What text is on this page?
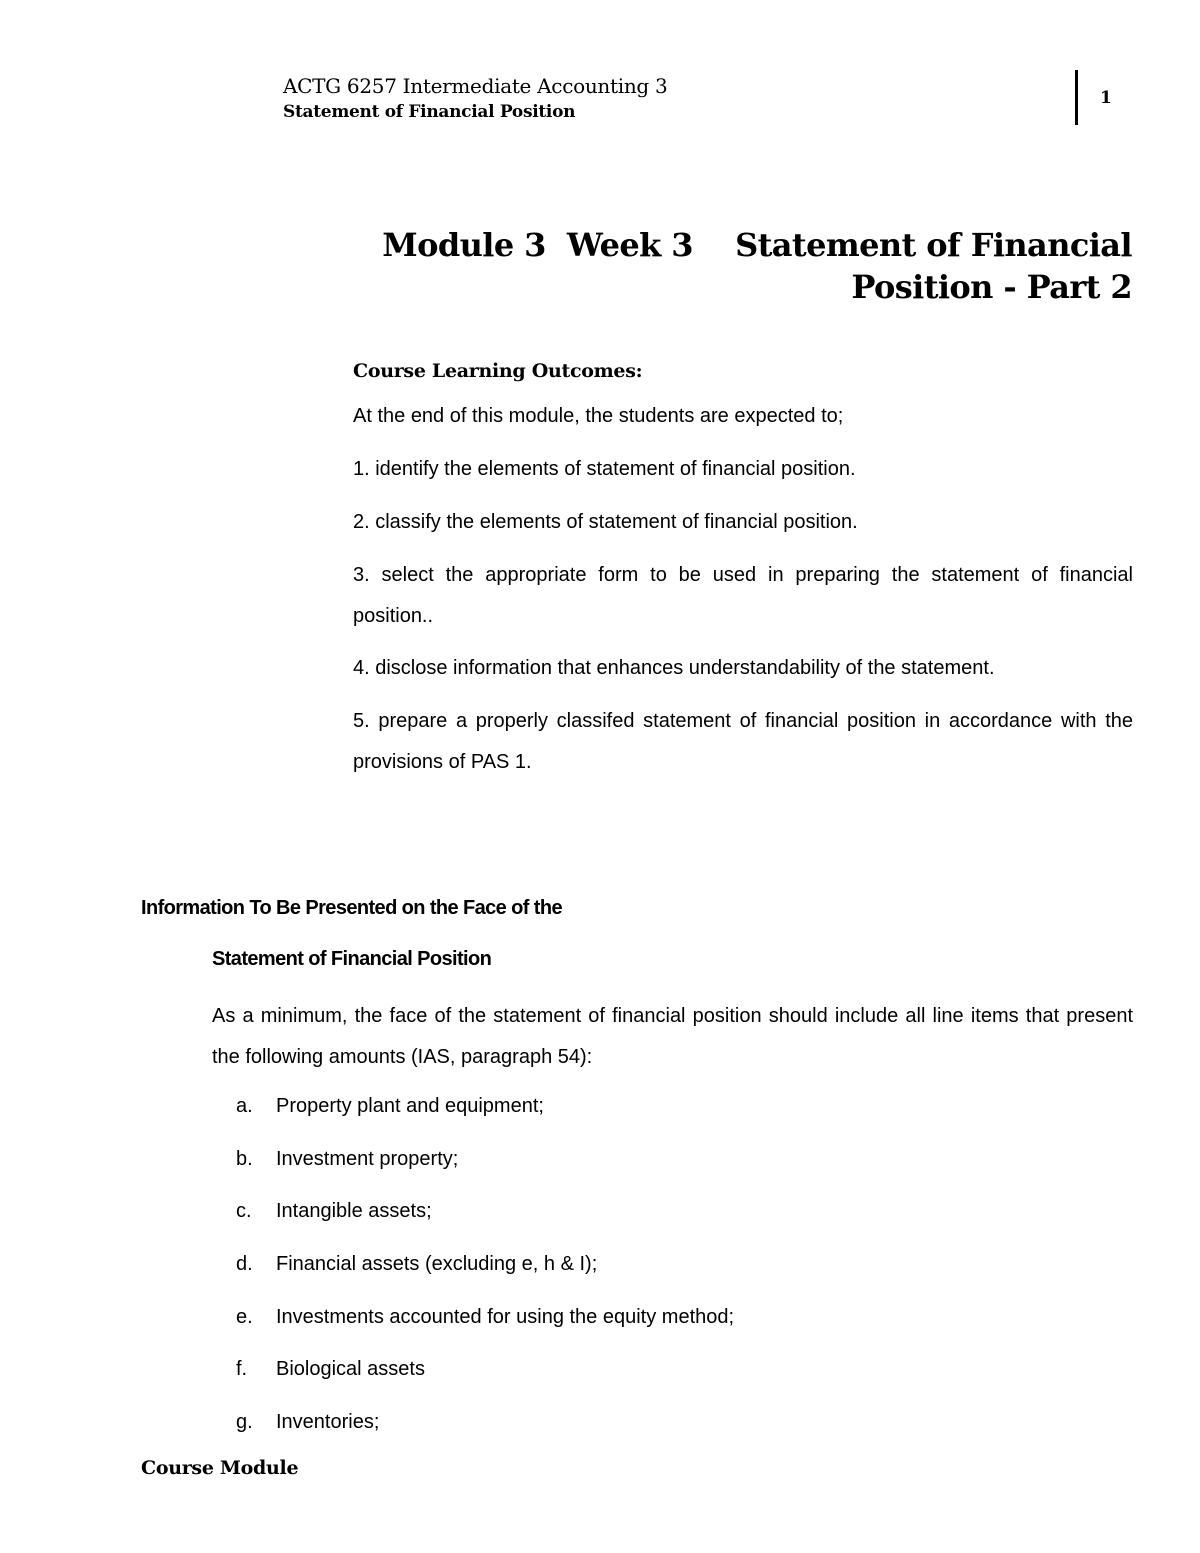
ACTG 6257 Intermediate Accounting 3
Statement of Financial Position
1
Module 3  Week 3    Statement of Financial
Position - Part 2
Course Learning Outcomes:
At the end of this module, the students are expected to;
1. identify the elements of statement of financial position.
2. classify the elements of statement of financial position.
3. select the appropriate form to be used in preparing the statement of financial position..
4. disclose information that enhances understandability of the statement.
5. prepare a properly classifed statement of financial position in accordance with the provisions of PAS 1.
Information To Be Presented on the Face of the
Statement of Financial Position
As a minimum, the face of the statement of financial position should include all line items that present the following amounts (IAS, paragraph 54):
a. Property plant and equipment;
b. Investment property;
c. Intangible assets;
d. Financial assets (excluding e, h & I);
e. Investments accounted for using the equity method;
f. Biological assets
g. Inventories;
Course Module
